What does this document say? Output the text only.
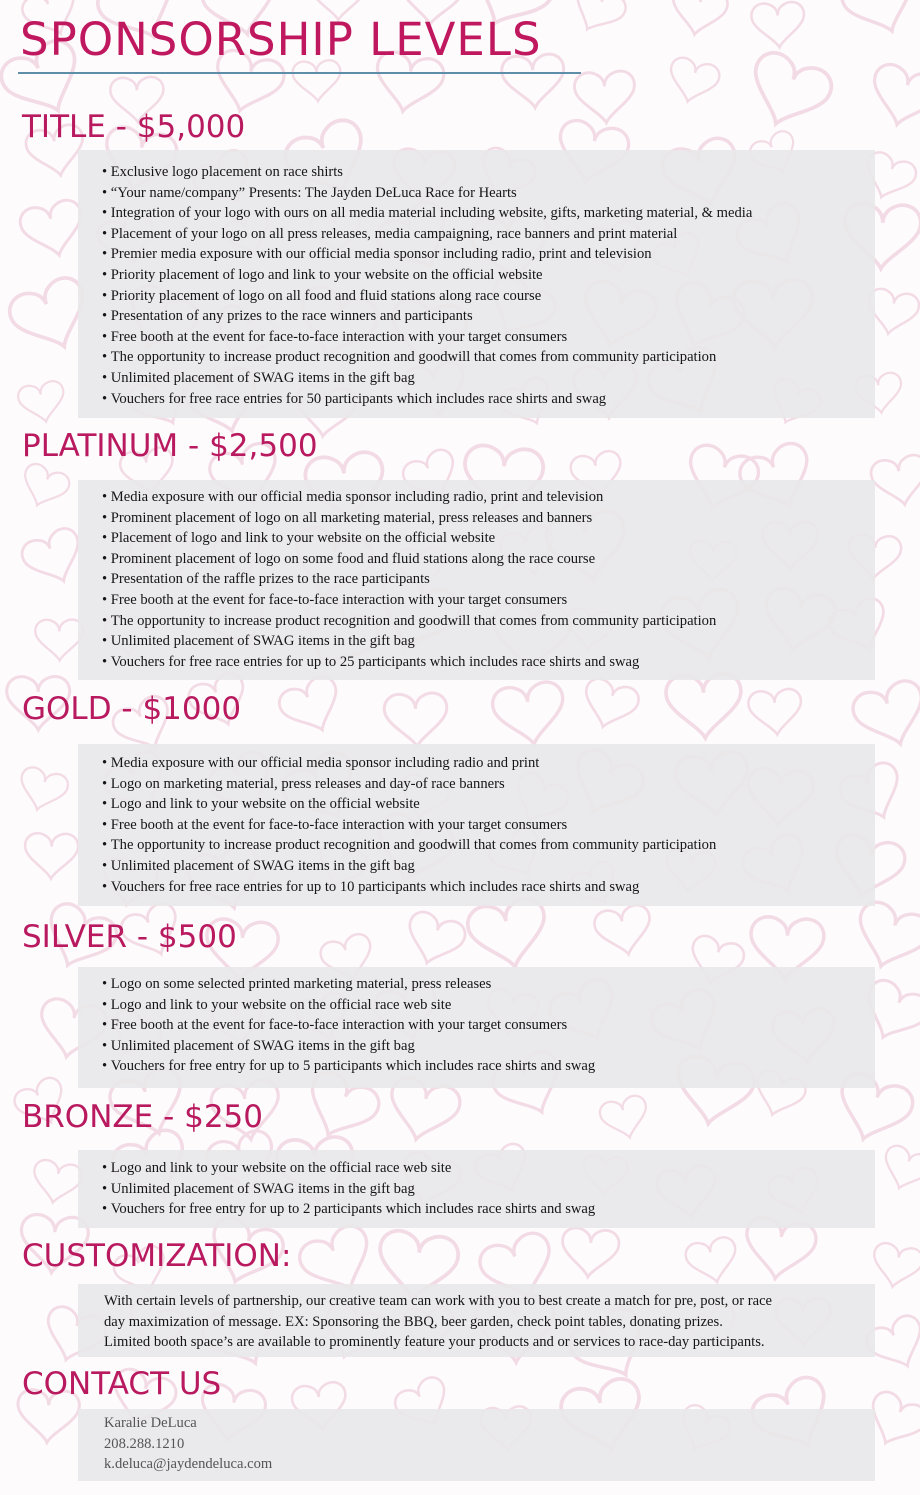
SPONSORSHIP LEVELS
TITLE - $5,000
• Exclusive logo placement on race shirts
• “Your name/company” Presents: The Jayden DeLuca Race for Hearts
• Integration of your logo with ours on all media material including website, gifts, marketing material, & media
• Placement of your logo on all press releases, media campaigning, race banners and print material
• Premier media exposure with our official media sponsor including radio, print and television
• Priority placement of logo and link to your website on the official website
• Priority placement of logo on all food and fluid stations along race course
• Presentation of any prizes to the race winners and participants
• Free booth at the event for face-to-face interaction with your target consumers
• The opportunity to increase product recognition and goodwill that comes from community participation
• Unlimited placement of SWAG items in the gift bag
• Vouchers for free race entries for 50 participants which includes race shirts and swag
PLATINUM - $2,500
• Media exposure with our official media sponsor including radio, print and television
• Prominent placement of logo on all marketing material, press releases and banners
• Placement of logo and link to your website on the official website
• Prominent placement of logo on some food and fluid stations along the race course
• Presentation of the raffle prizes to the race participants
• Free booth at the event for face-to-face interaction with your target consumers
• The opportunity to increase product recognition and goodwill that comes from community participation
• Unlimited placement of SWAG items in the gift bag
• Vouchers for free race entries for up to 25 participants which includes race shirts and swag
GOLD - $1000
• Media exposure with our official media sponsor including radio and print
• Logo on marketing material, press releases and day-of race banners
• Logo and link to your website on the official website
• Free booth at the event for face-to-face interaction with your target consumers
• The opportunity to increase product recognition and goodwill that comes from community participation
• Unlimited placement of SWAG items in the gift bag
• Vouchers for free race entries for up to 10 participants which includes race shirts and swag
SILVER - $500
• Logo on some selected printed marketing material, press releases
• Logo and link to your website on the official race web site
• Free booth at the event for face-to-face interaction with your target consumers
• Unlimited placement of SWAG items in the gift bag
• Vouchers for free entry for up to 5 participants which includes race shirts and swag
BRONZE - $250
• Logo and link to your website on the official race web site
• Unlimited placement of SWAG items in the gift bag
• Vouchers for free entry for up to 2 participants which includes race shirts and swag
CUSTOMIZATION:

With certain levels of partnership, our creative team can work with you to best create a match for pre, post, or race

day maximization of message. EX: Sponsoring the BBQ, beer garden, check point tables, donating prizes.

Limited booth space’s are available to prominently feature your products and or services to race-day participants.

CONTACT US

Karalie DeLuca

208.288.1210

k.deluca@jaydendeluca.com
